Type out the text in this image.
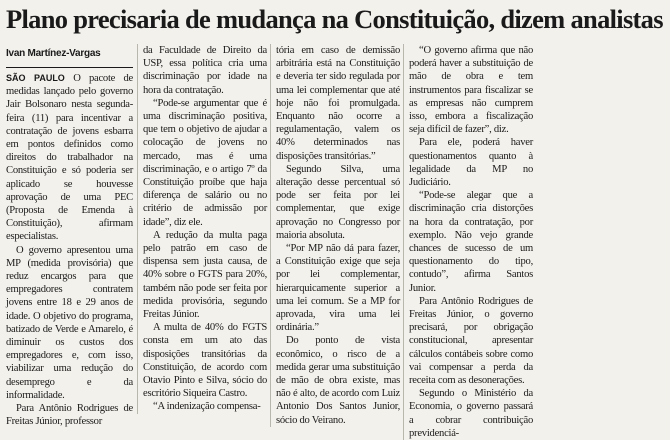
Plano precisaria de mudança na Constituição, dizem analistas
Ivan Martínez-Vargas

SÃO PAULO O pacote de medidas lançado pelo governo Jair Bolsonaro nesta segunda-feira (11) para incentivar a contratação de jovens esbarra em pontos definidos como direitos do trabalhador na Constituição e só poderia ser aplicado se houvesse aprovação de uma PEC (Proposta de Emenda à Constituição), afirmam especialistas.

O governo apresentou uma MP (medida provisória) que reduz encargos para que empregadores contratem jovens entre 18 e 29 anos de idade. O objetivo do programa, batizado de Verde e Amarelo, é diminuir os custos dos empregadores e, com isso, viabilizar uma redução do desemprego e da informalidade.

Para Antônio Rodrigues de Freitas Júnior, professor

da Faculdade de Direito da USP, essa política cria uma discriminação por idade na hora da contratação.

“Pode-se argumentar que é uma discriminação positiva, que tem o objetivo de ajudar a colocação de jovens no mercado, mas é uma discriminação, e o artigo 7º da Constituição proíbe que haja diferença de salário ou no critério de admissão por idade”, diz ele.

A redução da multa paga pelo patrão em caso de dispensa sem justa causa, de 40% sobre o FGTS para 20%, também não pode ser feita por medida provisória, segundo Freitas Júnior.

A multa de 40% do FGTS consta em um ato das disposições transitórias da Constituição, de acordo com Otavio Pinto e Silva, sócio do escritório Siqueira Castro.

“A indenização compensa-

tória em caso de demissão arbitrária está na Constituição e deveria ter sido regulada por uma lei complementar que até hoje não foi promulgada. Enquanto não ocorre a regulamentação, valem os 40% determinados nas disposições transitórias.”

Segundo Silva, uma alteração desse percentual só pode ser feita por lei complementar, que exige aprovação no Congresso por maioria absoluta.

“Por MP não dá para fazer, a Constituição exige que seja por lei complementar, hierarquicamente superior a uma lei comum. Se a MP for aprovada, vira uma lei ordinária.”

Do ponto de vista econômico, o risco de a medida gerar uma substituição de mão de obra existe, mas não é alto, de acordo com Luiz Antonio Dos Santos Junior, sócio do Veirano.

“O governo afirma que não poderá haver a substituição de mão de obra e tem instrumentos para fiscalizar se as empresas não cumprem isso, embora a fiscalização seja difícil de fazer”, diz.

Para ele, poderá haver questionamentos quanto à legalidade da MP no Judiciário.

“Pode-se alegar que a discriminação cria distorções na hora da contratação, por exemplo. Não vejo grande chances de sucesso de um questionamento do tipo, contudo”, afirma Santos Junior.

Para Antônio Rodrigues de Freitas Júnior, o governo precisará, por obrigação constitucional, apresentar cálculos contábeis sobre como vai compensar a perda da receita com as desonerações.

Segundo o Ministério da Economia, o governo passará a cobrar contribuição previdenciá-
